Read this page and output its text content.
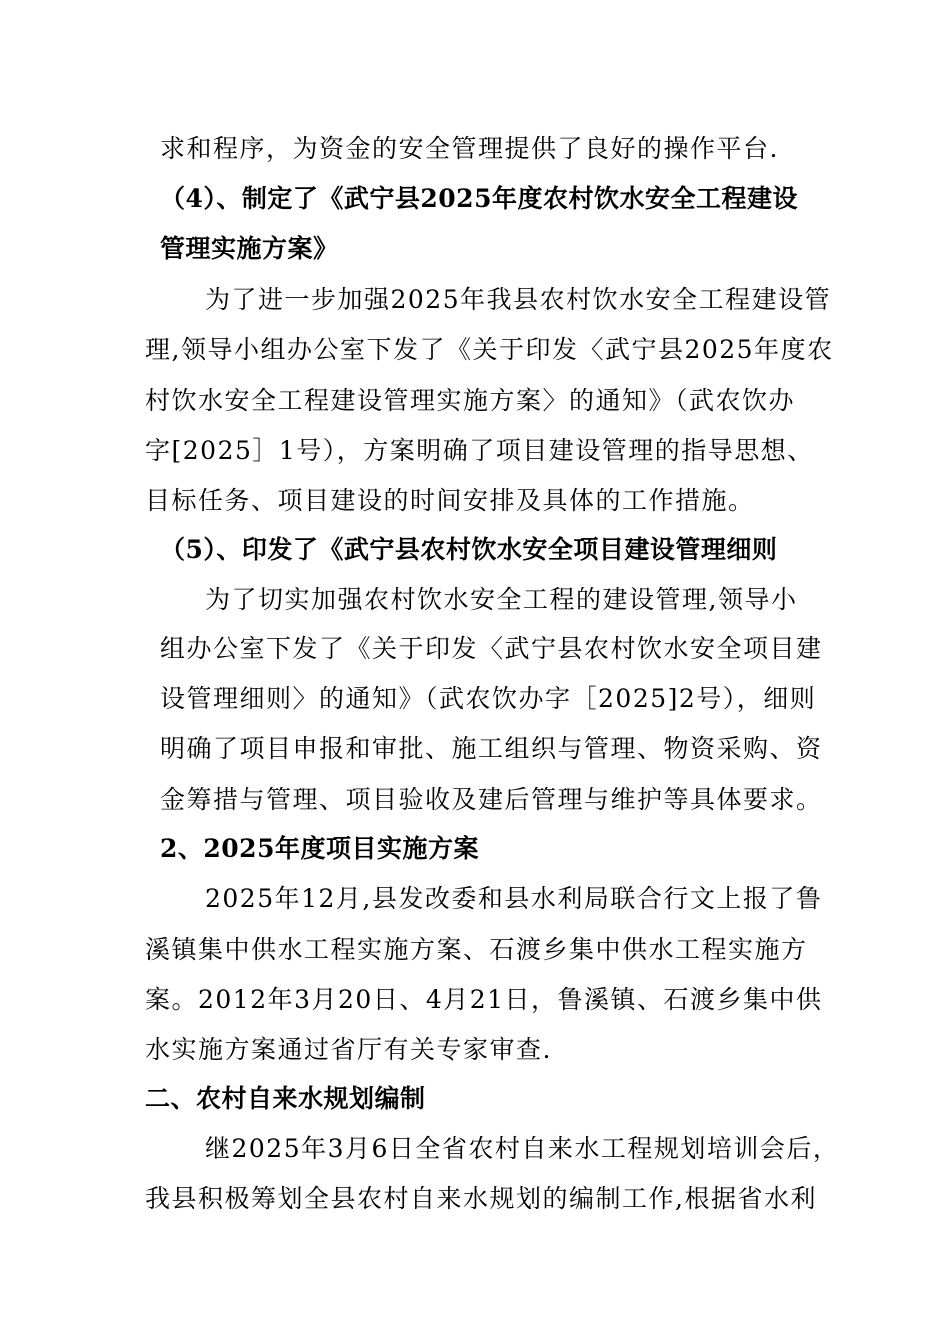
求和程序，为资金的安全管理提供了良好的操作平台.

（4）、制定了《武宁县2025年度农村饮水安全工程建设

管理实施方案》

为了进一步加强2025年我县农村饮水安全工程建设管

理,领导小组办公室下发了《关于印发〈武宁县2025年度农

村饮水安全工程建设管理实施方案〉的通知》（武农饮办

字[2025］1号），方案明确了项目建设管理的指导思想、

目标任务、项目建设的时间安排及具体的工作措施。

（5）、印发了《武宁县农村饮水安全项目建设管理细则

为了切实加强农村饮水安全工程的建设管理,领导小

组办公室下发了《关于印发〈武宁县农村饮水安全项目建

设管理细则〉的通知》（武农饮办字［2025]2号），细则

明确了项目申报和审批、施工组织与管理、物资采购、资

金筹措与管理、项目验收及建后管理与维护等具体要求。

2、2025年度项目实施方案

2025年12月,县发改委和县水利局联合行文上报了鲁

溪镇集中供水工程实施方案、石渡乡集中供水工程实施方

案。2012年3月20日、4月21日，鲁溪镇、石渡乡集中供

水实施方案通过省厅有关专家审查.

二、农村自来水规划编制

继2025年3月6日全省农村自来水工程规划培训会后，

我县积极筹划全县农村自来水规划的编制工作,根据省水利
